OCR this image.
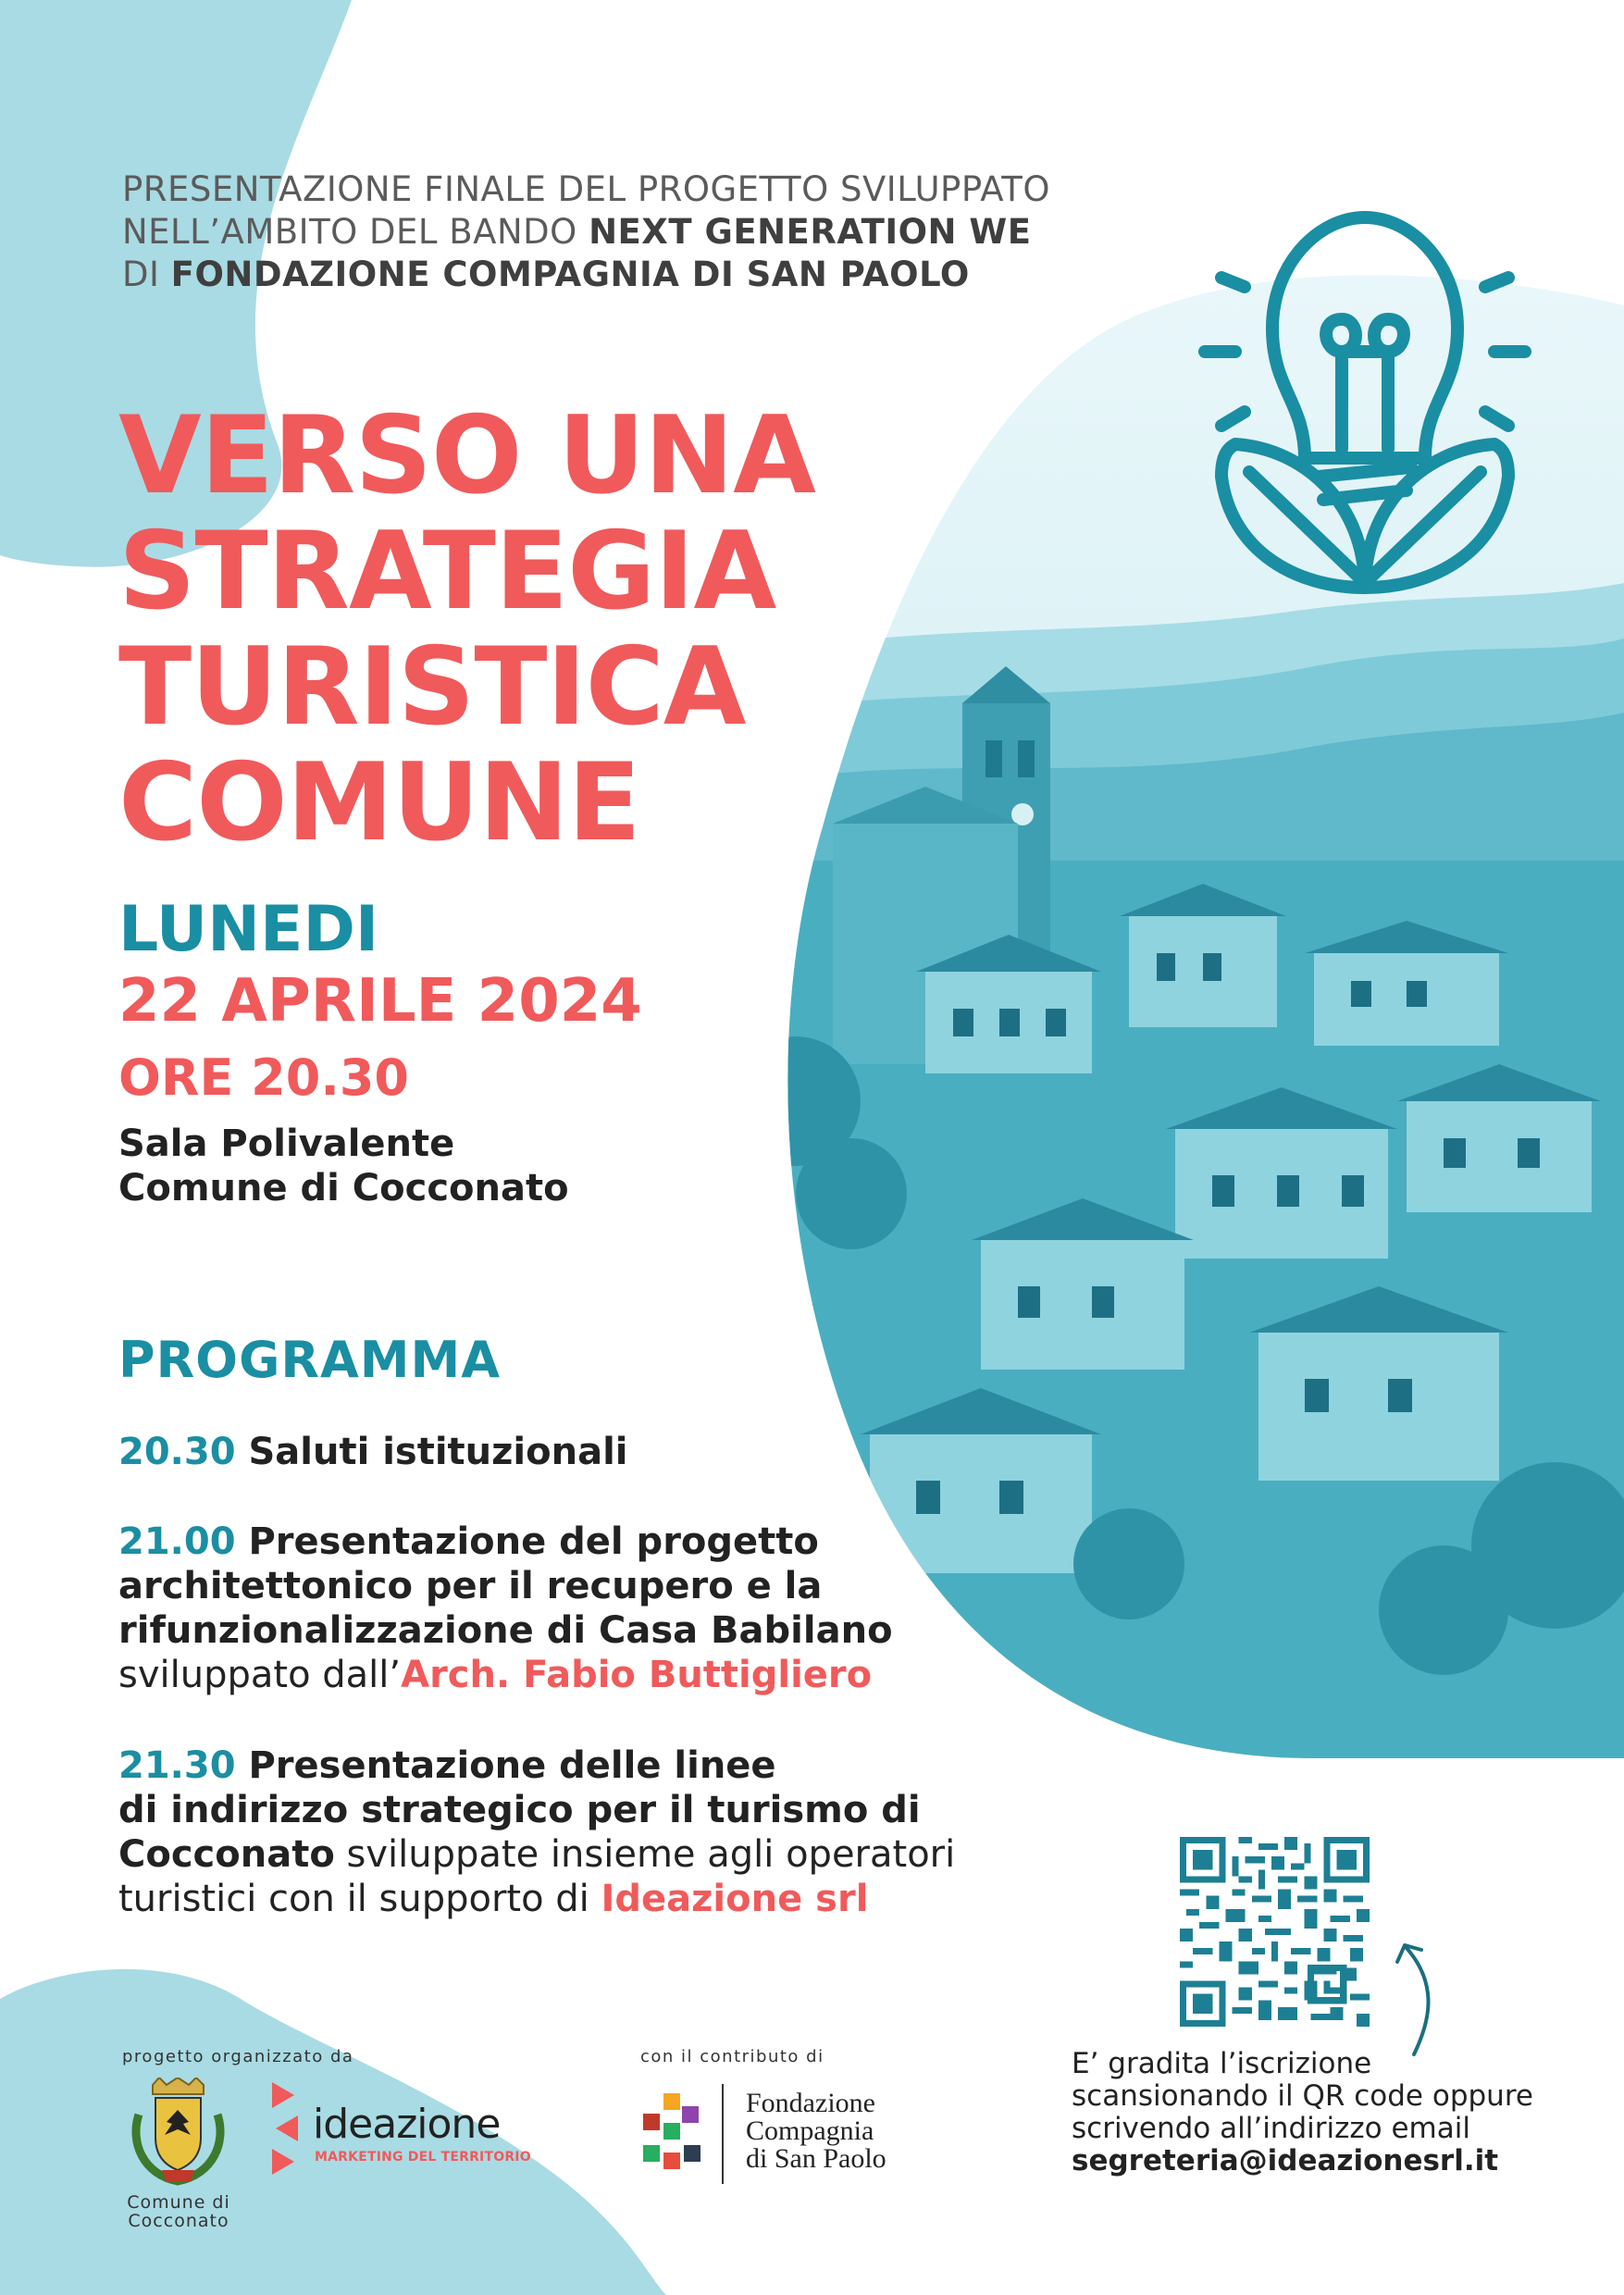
PRESENTAZIONE FINALE DEL PROGETTO SVILUPPATO
NELL’AMBITO DEL BANDO NEXT GENERATION WE
DI FONDAZIONE COMPAGNIA DI SAN PAOLO
VERSO UNA
STRATEGIA
TURISTICA
COMUNE
LUNEDI
22 APRILE 2024
ORE 20.30
Sala Polivalente
Comune di Cocconato
PROGRAMMA
20.30 Saluti istituzionali
21.00 Presentazione del progetto
architettonico per il recupero e la
rifunzionalizzazione di Casa Babilano
sviluppato dall’Arch. Fabio Buttigliero
21.30 Presentazione delle linee
di indirizzo strategico per il turismo di
Cocconato sviluppate insieme agli operatori
turistici con il supporto di Ideazione srl
E’ gradita l’iscrizione
scansionando il QR code oppure
scrivendo all’indirizzo email
segreteria@ideazionesrl.it
progetto organizzato da	con il contributo di
Comune di
Cocconato
ideazione
MARKETING DEL TERRITORIO
Fondazione
Compagnia
di San Paolo
